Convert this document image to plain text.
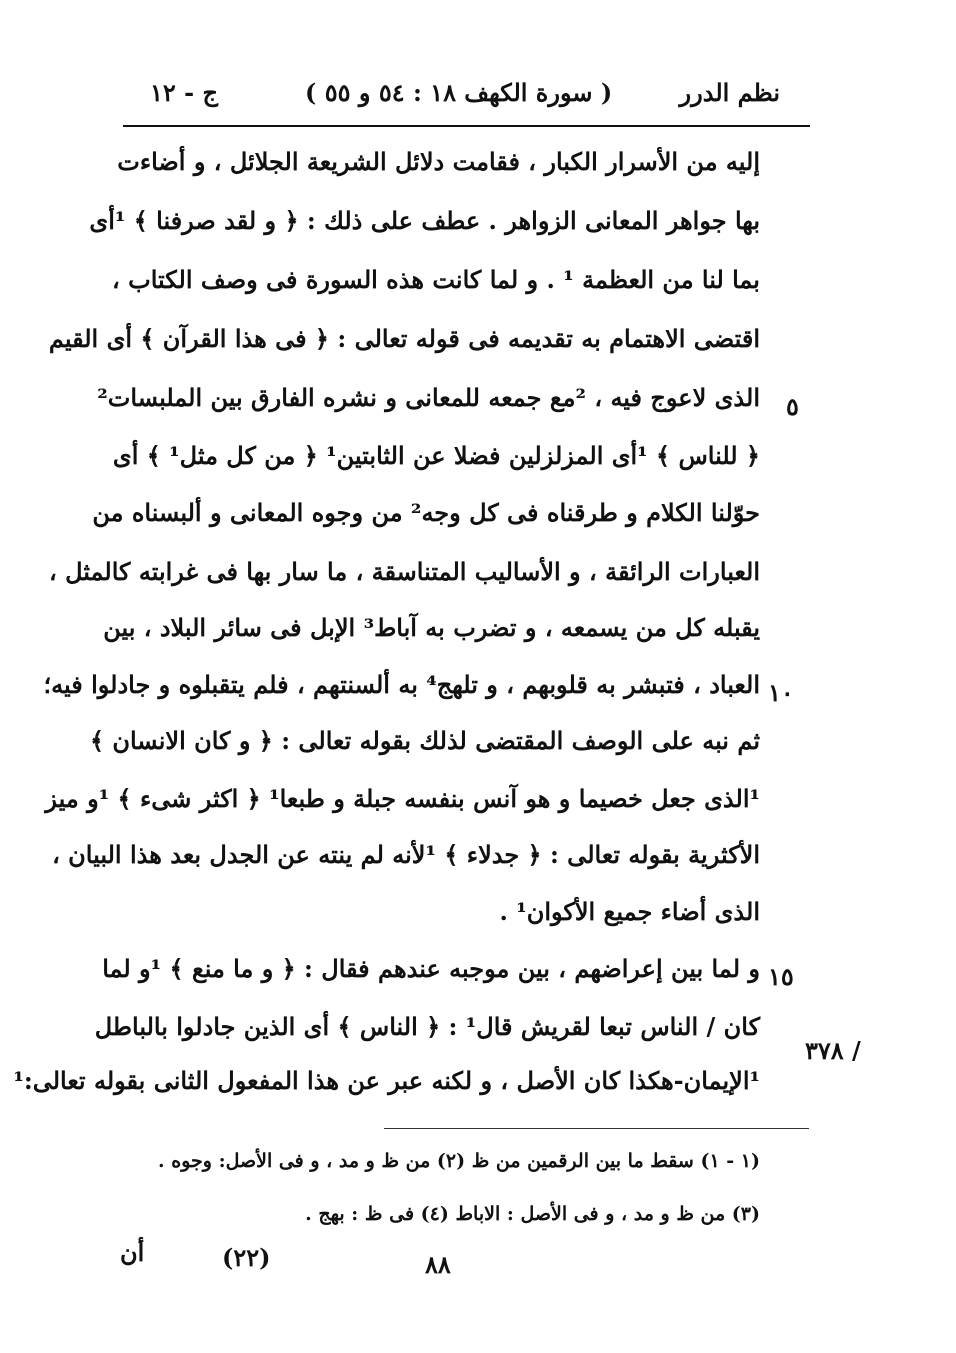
نظم الدرر
( سورة الكهف ١٨ : ٥٤ و ٥٥ )
ج - ١٢
إليه من الأسرار الكبار ، فقامت دلائل الشريعة الجلائل ، و أضاءت
بها جواهر المعانى الزواهر . عطف على ذلك : ﴿ و لقد صرفنا ﴾ ¹أى
بما لنا من العظمة ¹ . و لما كانت هذه السورة فى وصف الكتاب ،
اقتضى الاهتمام به تقديمه فى قوله تعالى : ﴿ فى هذا القرآن ﴾ أى القيم
الذى لاعوج فيه ، ²مع جمعه للمعانى و نشره الفارق بين الملبسات²
﴿ للناس ﴾ ¹أى المزلزلين فضلا عن الثابتين¹ ﴿ من كل مثل¹ ﴾ أى
حوّلنا الكلام و طرقناه فى كل وجه² من وجوه المعانى و ألبسناه من
العبارات الرائقة ، و الأساليب المتناسقة ، ما سار بها فى غرابته كالمثل ،
يقبله كل من يسمعه ، و تضرب به آباط³ الإبل فى سائر البلاد ، بين
العباد ، فتبشر به قلوبهم ، و تلهج⁴ به ألسنتهم ، فلم يتقبلوه و جادلوا فيه؛
ثم نبه على الوصف المقتضى لذلك بقوله تعالى : ﴿ و كان الانسان ﴾
¹الذى جعل خصيما و هو آنس بنفسه جبلة و طبعا¹ ﴿ اكثر شىء ﴾ ¹و ميز
الأكثرية بقوله تعالى : ﴿ جدلاء ﴾ ¹لأنه لم ينته عن الجدل بعد هذا البيان ،
الذى أضاء جميع الأكوان¹ .
و لما بين إعراضهم ، بين موجبه عندهم فقال : ﴿ و ما منع ﴾ ¹و لما
كان / الناس تبعا لقريش قال¹ : ﴿ الناس ﴾ أى الذين جادلوا بالباطل
¹الإيمان-هكذا كان الأصل ، و لكنه عبر عن هذا المفعول الثانى بقوله تعالى:¹
٥
١٠
١٥
/ ٣٧٨
(١ - ١) سقط ما بين الرقمين من ظ (٢) من ظ و مد ، و فى الأصل: وجوه .
(٣) من ظ و مد ، و فى الأصل : الاباط (٤) فى ظ : بهج .
أن	(٢٢)	٨٨
